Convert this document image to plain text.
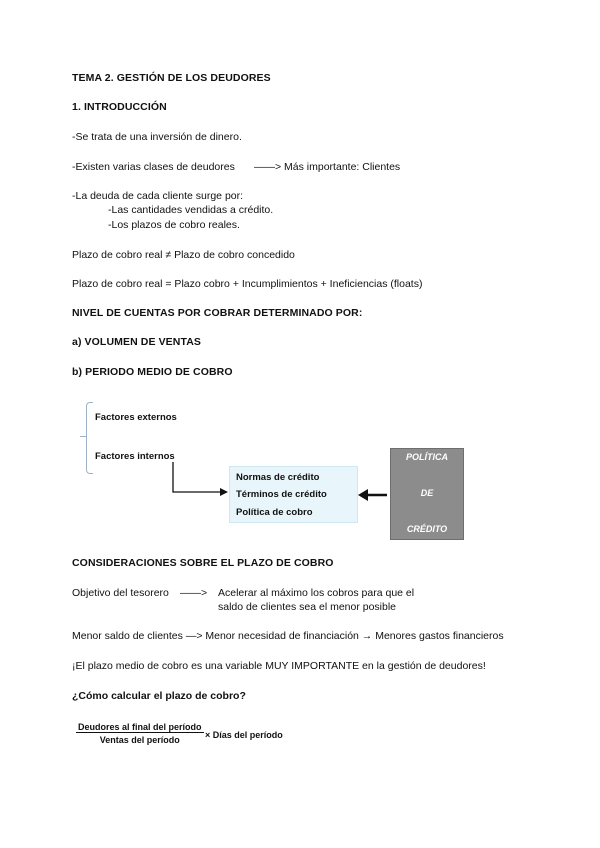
TEMA 2. GESTIÓN DE LOS DEUDORES
1. INTRODUCCIÓN
-Se trata de una inversión de dinero.
-Existen varias clases de deudores ——> Más importante: Clientes
-La deuda de cada cliente surge por:
-Las cantidades vendidas a crédito.
-Los plazos de cobro reales.
Plazo de cobro real ≠ Plazo de cobro concedido
Plazo de cobro real = Plazo cobro + Incumplimientos + Ineficiencias (floats)
NIVEL DE CUENTAS POR COBRAR DETERMINADO POR:
a) VOLUMEN DE VENTAS
b) PERIODO MEDIO DE COBRO
Factores externos
Factores internos
Normas de crédito
Términos de crédito
Política de cobro
POLÍTICA
DE
CRÉDITO
CONSIDERACIONES SOBRE EL PLAZO DE COBRO
Objetivo del tesorero ——> Acelerar al máximo los cobros para que el
saldo de clientes sea el menor posible
Menor saldo de clientes —> Menor necesidad de financiación → Menores gastos financieros
¡El plazo medio de cobro es una variable MUY IMPORTANTE en la gestión de deudores!
¿Cómo calcular el plazo de cobro?
Deudores al final del período
Ventas del período	× Días del período
